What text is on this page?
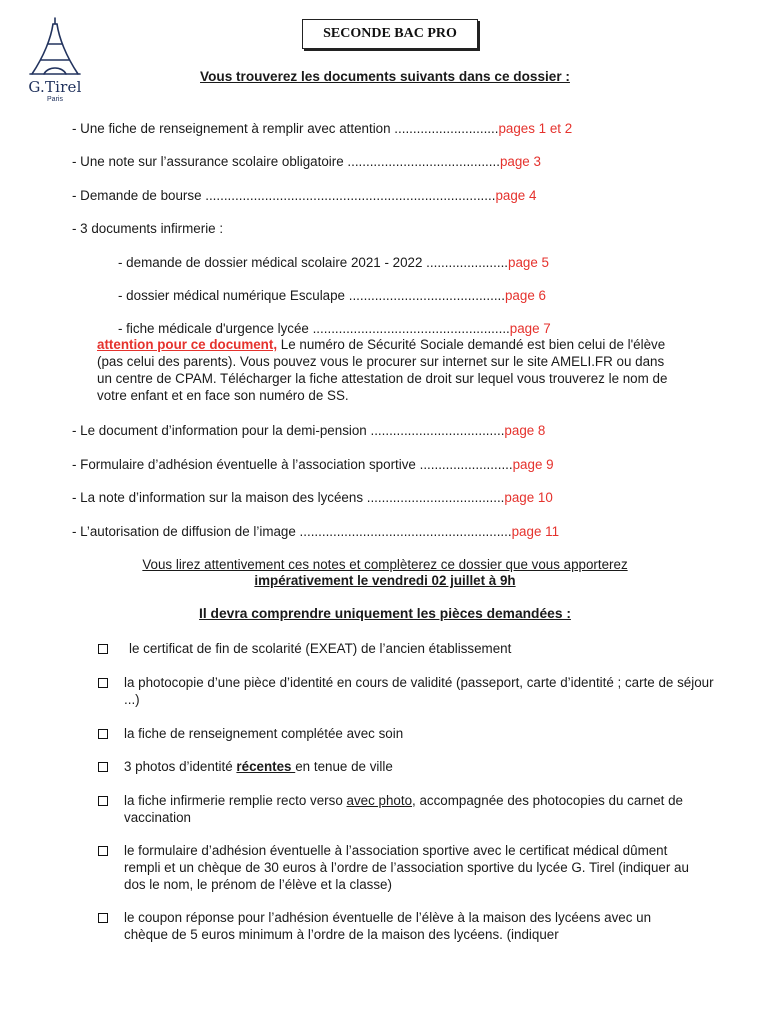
G.Tirel
Paris
SECONDE BAC PRO
Vous trouverez les documents suivants dans ce dossier :
- Une fiche de renseignement à remplir avec attention ............................pages 1 et 2
- Une note sur l’assurance scolaire obligatoire .........................................page 3
- Demande de bourse ..............................................................................page 4
- 3 documents infirmerie :
- demande de dossier médical scolaire 2021 - 2022 ......................page 5
- dossier médical numérique Esculape ..........................................page 6
- fiche médicale d'urgence lycée .....................................................page 7
attention pour ce document, Le numéro de Sécurité Sociale demandé est bien celui de l'élève (pas celui des parents). Vous pouvez vous le procurer sur internet sur le site AMELI.FR ou dans un centre de CPAM. Télécharger la fiche attestation de droit sur lequel vous trouverez le nom de votre enfant et en face son numéro de SS.
- Le document d’information pour la demi-pension ....................................page 8
- Formulaire d’adhésion éventuelle à l’association sportive .........................page 9
- La note d’information sur la maison des lycéens .....................................page 10
- L’autorisation de diffusion de l’image .........................................................page 11
Vous lirez attentivement ces notes et complèterez ce dossier que vous apporterez
impérativement le vendredi 02 juillet à 9h
Il devra comprendre uniquement les pièces demandées :
le certificat de fin de scolarité (EXEAT) de l’ancien établissement
la photocopie d’une pièce d’identité en cours de validité (passeport, carte d’identité ; carte de séjour ...)
la fiche de renseignement complétée avec soin
3 photos d’identité récentes en tenue de ville
la fiche infirmerie remplie recto verso avec photo, accompagnée des photocopies du carnet de vaccination
le formulaire d’adhésion éventuelle à l’association sportive avec le certificat médical dûment rempli et un chèque de 30 euros à l’ordre de l’association sportive du lycée G. Tirel (indiquer au dos le nom, le prénom de l’élève et la classe)
le coupon réponse pour l’adhésion éventuelle de l’élève à la maison des lycéens avec un chèque de 5 euros minimum à l’ordre de la maison des lycéens. (indiquer
